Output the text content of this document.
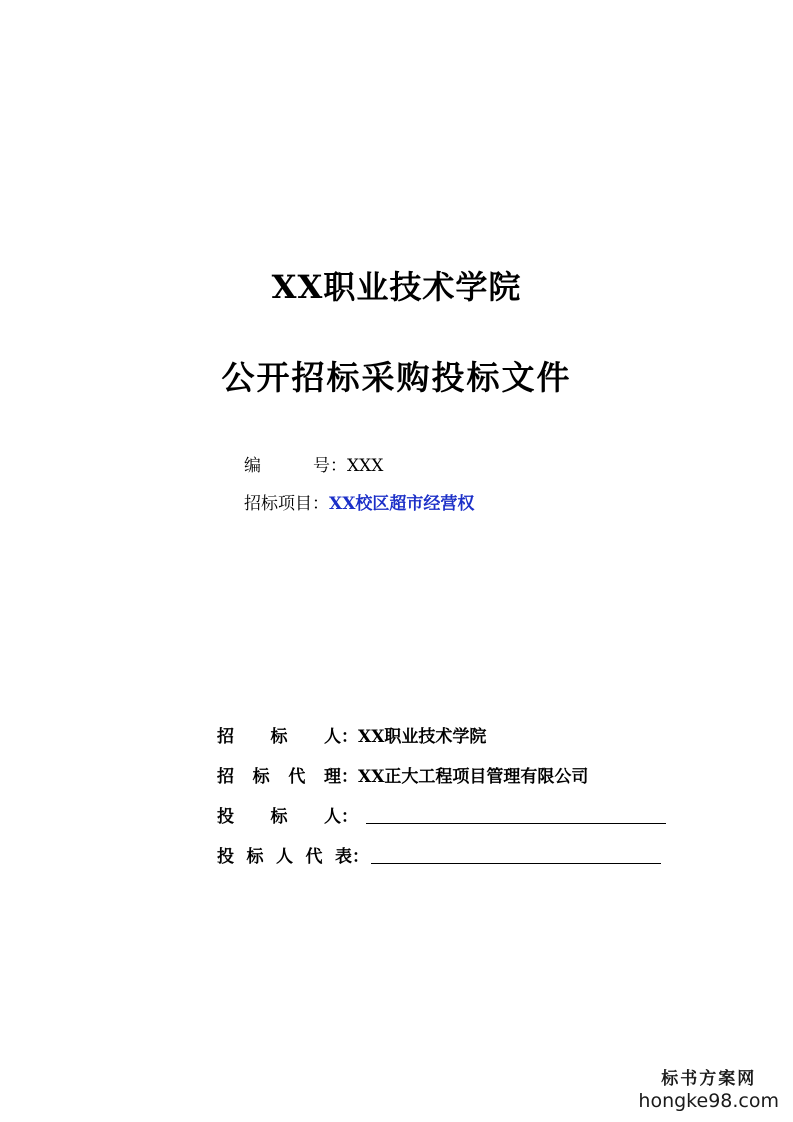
XX职业技术学院
公开招标采购投标文件
编号：XXX
招标项目：XX校区超市经营权
招标人 ： XX职业技术学院
招标代理 ： XX正大工程项目管理有限公司
投标人 ：
投标人代表 ：
标书方案网
hongke98.com
